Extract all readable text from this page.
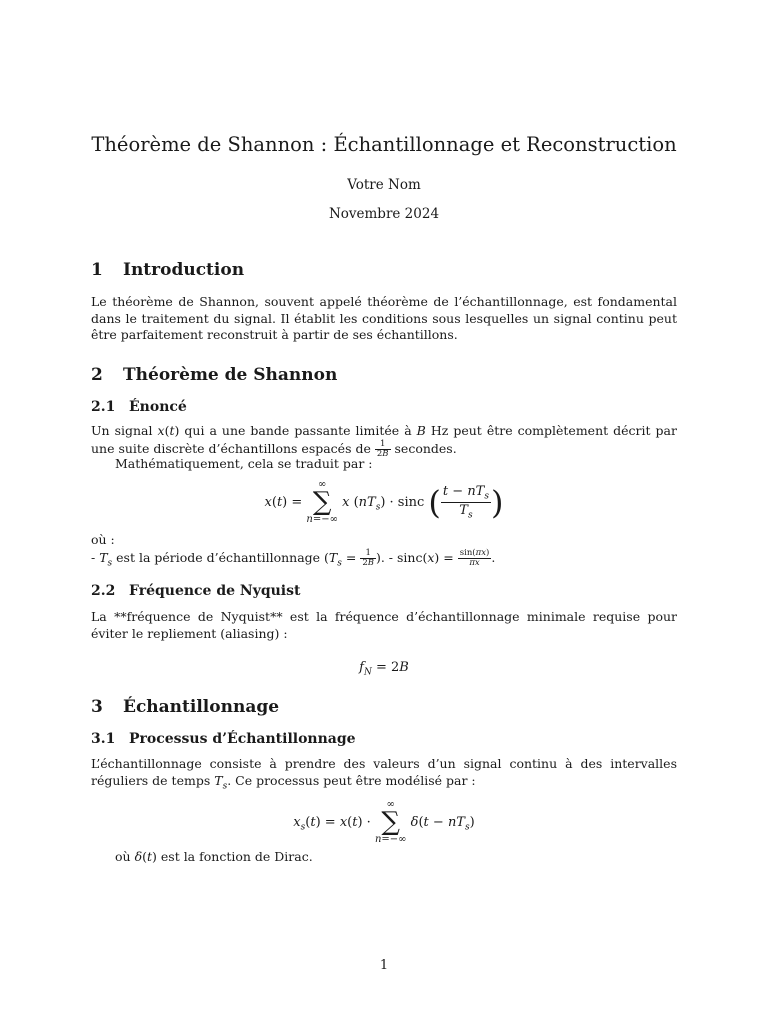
Théorème de Shannon : Échantillonnage et Reconstruction
Votre Nom
Novembre 2024
1 Introduction

Le théorème de Shannon, souvent appelé théorème de l’échantillonnage, est fondamental dans le traitement du signal. Il établit les conditions sous lesquelles un signal continu peut être parfaitement reconstruit à partir de ses échantillons.

2 Théorème de Shannon
2.1 Énoncé

Un signal x(t) qui a une bande passante limitée à B Hz peut être complètement décrit par une suite discrète d’échantillons espacés de $\frac{1}{2B}$ secondes.

Mathématiquement, cela se traduit par :

x(t) =
∞
∑
n=−∞
x $(nT_s) \cdot \sin c$ ( $\frac{t - nT_s}{T_s}$ )

où :

- $T_s$ est la période d’échantillonnage ($T_s = \frac{1}{2B}$ ). - $\sin c(x) = \frac{\sin(\pi x)}{\pi x}$ .

2.2 Fréquence de Nyquist

La **fréquence de Nyquist** est la fréquence d’échantillonnage minimale requise pour éviter le repliement (aliasing) :

$f_N = 2B$
3 Échantillonnage
3.1 Processus d’Échantillonnage

L’échantillonnage consiste à prendre des valeurs d’un signal continu à des intervalles réguliers de temps $T_s$. Ce processus peut être modélisé par :

$x_s(t) = x(t)$ ·
∞
∑
n=−∞
$\delta(t - nT_s)$

où δ(t) est la fonction de Dirac.

1
